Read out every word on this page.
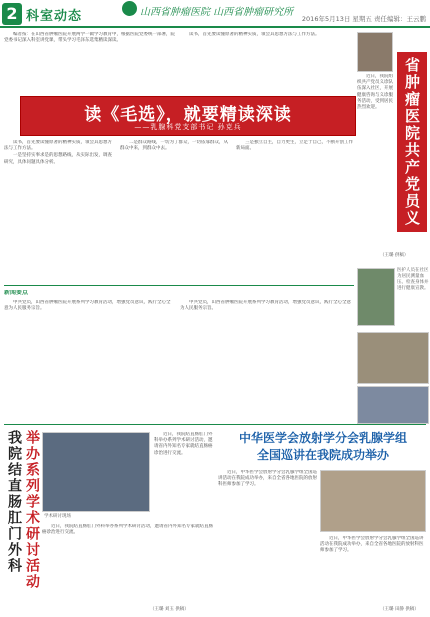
2 科室动态	山西省肿瘤医院 山西省肿瘤研究所
2016年5月13日 星期五 责任编辑：王云鹏

编者按：在山西省肿瘤医院开展两学一做学习教育中，根据医院党委统一部署，院党委书记深入科室讲党课，带头学习毛泽东选集精读深读。

读书，首先要读懂原著的精神实质，领会其思想方法与工作方法。

读《毛选》，就要精读深读
——乳腺科党支部书记 孙克兵

读书，首先要读懂原著的精神实质，领会其思想方法与工作方法。

一是坚持实事求是的思想路线，从实际出发，调查研究，具体问题具体分析。

二是群众路线，一切为了群众，一切依靠群众，从群众中来，到群众中去。

三是独立自主，自力更生，立足于自己，不断开创工作新局面。	省肿瘤医院共产党员义诊进社区

近日，我院组织共产党员义诊队伍深入社区，开展健康咨询与义诊服务活动，受到居民热烈欢迎。

（王璐 供稿）
医护人员在社区为居民测量血压、检查身体并进行健康宣教。
新闻要点

中共党员，山西省肿瘤医院开展系列学习教育活动，增强党员意识，践行全心全意为人民服务宗旨。

中共党员，山西省肿瘤医院开展系列学习教育活动，增强党员意识，践行全心全意为人民服务宗旨。

举办系列学术研讨活动
我院结直肠肛门外科	学术研讨现场

近日，我院结直肠肛门外科举办系列学术研讨活动，邀请省内外知名专家就结直肠癌诊治进行交流。

近日，我院结直肠肛门外科举办系列学术研讨活动，邀请省内外知名专家就结直肠癌诊治进行交流。

（王璐 刘玉 供稿）
中华医学会放射学分会乳腺学组
全国巡讲在我院成功举办

近日，中华医学会放射学分会乳腺学组全国巡讲活动在我院成功举办，来自全省各地医院的放射科医师参加了学习。

近日，中华医学会放射学分会乳腺学组全国巡讲活动在我院成功举办，来自全省各地医院的放射科医师参加了学习。

（王璐 田静 供稿）
